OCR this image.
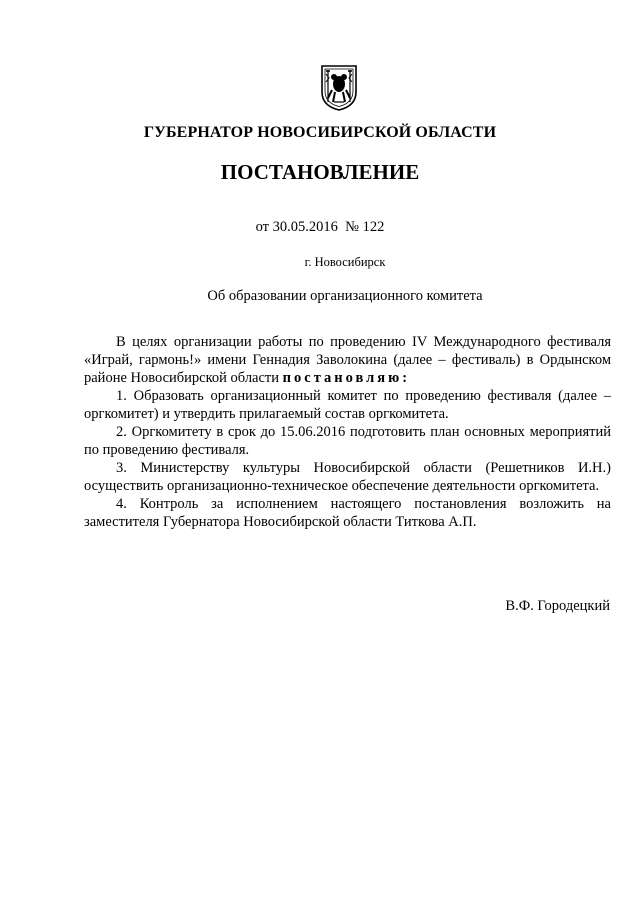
ГУБЕРНАТОР НОВОСИБИРСКОЙ ОБЛАСТИ
ПОСТАНОВЛЕНИЕ
от 30.05.2016  № 122
г. Новосибирск
Об образовании организационного комитета

В целях организации работы по проведению IV Международного фестиваля «Играй, гармонь!» имени Геннадия Заволокина (далее – фестиваль) в Ордынском районе Новосибирской области постановляю:

1. Образовать организационный комитет по проведению фестиваля (далее – оргкомитет) и утвердить прилагаемый состав оргкомитета.

2. Оргкомитету в срок до 15.06.2016 подготовить план основных мероприятий по проведению фестиваля.

3. Министерству культуры Новосибирской области (Решетников И.Н.) осуществить организационно-техническое обеспечение деятельности оргкомитета.

4. Контроль за исполнением настоящего постановления возложить на заместителя Губернатора Новосибирской области Титкова А.П.

В.Ф. Городецкий
